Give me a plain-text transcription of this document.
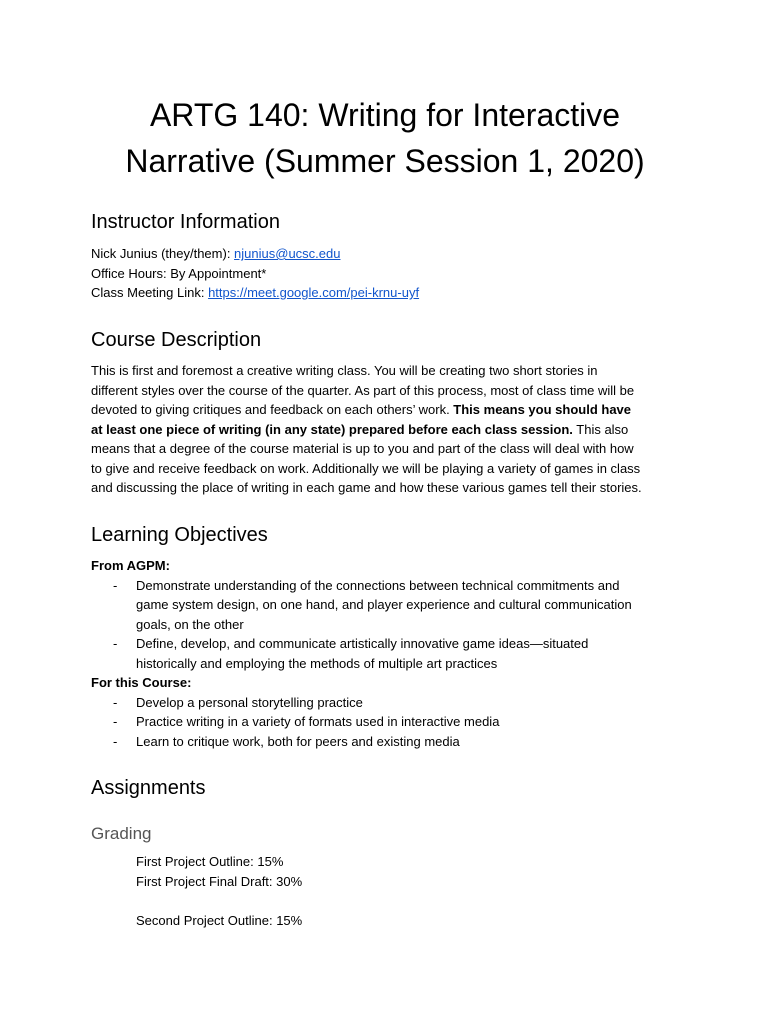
ARTG 140: Writing for Interactive
Narrative (Summer Session 1, 2020)
Instructor Information

Nick Junius (they/them): njunius@ucsc.edu

Office Hours: By Appointment*

Class Meeting Link: https://meet.google.com/pei-krnu-uyf

Course Description

This is first and foremost a creative writing class. You will be creating two short stories in

different styles over the course of the quarter. As part of this process, most of class time will be

devoted to giving critiques and feedback on each others’ work. This means you should have

at least one piece of writing (in any state) prepared before each class session. This also

means that a degree of the course material is up to you and part of the class will deal with how

to give and receive feedback on work. Additionally we will be playing a variety of games in class

and discussing the place of writing in each game and how these various games tell their stories.

Learning Objectives
From AGPM:
- Demonstrate understanding of the connections between technical commitments and
game system design, on one hand, and player experience and cultural communication
goals, on the other
- Define, develop, and communicate artistically innovative game ideas—situated
historically and employing the methods of multiple art practices
For this Course:
- Develop a personal storytelling practice
- Practice writing in a variety of formats used in interactive media
- Learn to critique work, both for peers and existing media
Assignments
Grading
First Project Outline: 15%
First Project Final Draft: 30%
Second Project Outline: 15%
